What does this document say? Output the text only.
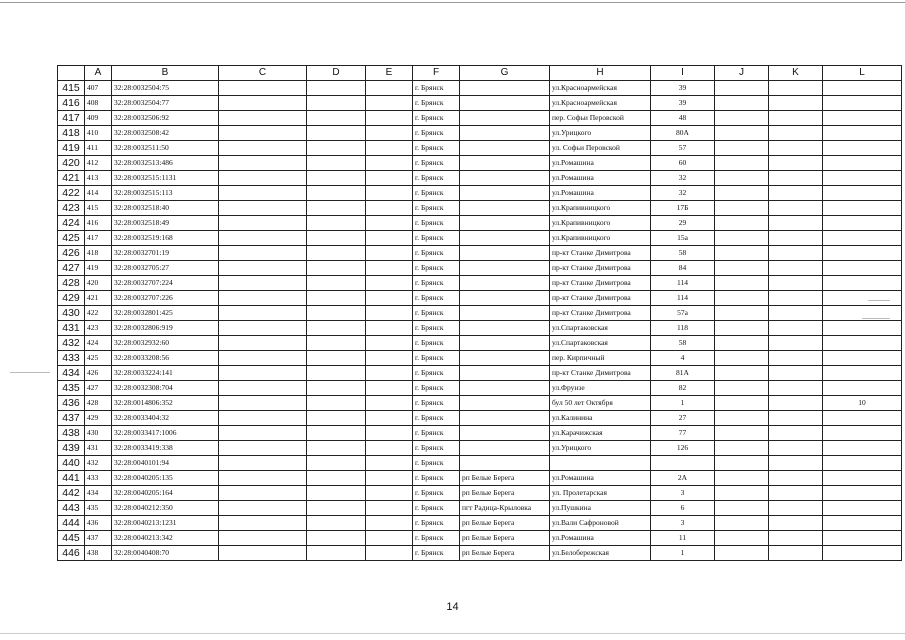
	A	B	C	D	E	F	G	H	I	J	K	L
415	407	32:28:0032504:75				г. Брянск		ул.Красноармейская	39			
416	408	32:28:0032504:77				г. Брянск		ул.Красноармейская	39			
417	409	32:28:0032506:92				г. Брянск		пер. Софьи Перовской	48			
418	410	32:28:0032508:42				г. Брянск		ул.Урицкого	80А			
419	411	32:28:0032511:50				г. Брянск		ул. Софьи Перовской	57			
420	412	32:28:0032513:486				г. Брянск		ул.Ромашина	60			
421	413	32:28:0032515:1131				г. Брянск		ул.Ромашина	32			
422	414	32:28:0032515:113				г. Брянск		ул.Ромашина	32			
423	415	32:28:0032518:40				г. Брянск		ул.Крапивницкого	17Б			
424	416	32:28:0032518:49				г. Брянск		ул.Крапивницкого	29			
425	417	32:28:0032519:168				г. Брянск		ул.Крапивницкого	15а			
426	418	32:28:0032701:19				г. Брянск		пр-кт Станке Димитрова	58			
427	419	32:28:0032705:27				г. Брянск		пр-кт Станке Димитрова	84			
428	420	32:28:0032707:224				г. Брянск		пр-кт Станке Димитрова	114			
429	421	32:28:0032707:226				г. Брянск		пр-кт Станке Димитрова	114			
430	422	32:28:0032801:425				г. Брянск		пр-кт Станке Димитрова	57а			
431	423	32:28:0032806:919				г. Брянск		ул.Спартаковская	118			
432	424	32:28:0032932:60				г. Брянск		ул.Спартаковская	58			
433	425	32:28:0033208:56				г. Брянск		пер. Кирпичный	4			
434	426	32:28:0033224:141				г. Брянск		пр-кт Станке Димитрова	81А			
435	427	32:28:0032308:704				г. Брянск		ул.Фрунзе	82			
436	428	32:28:0014806:352				г. Брянск		бул 50 лет Октября	1			10
437	429	32:28:0033404:32				г. Брянск		ул.Калинина	27			
438	430	32:28:0033417:1006				г. Брянск		ул.Карачижская	77			
439	431	32:28:0033419:338				г. Брянск		ул.Урицкого	126			
440	432	32:28:0040101:94				г. Брянск						
441	433	32:28:0040205:135				г. Брянск	рп Белые Берега	ул.Ромашина	2А			
442	434	32:28:0040205:164				г. Брянск	рп Белые Берега	ул. Пролетарская	3			
443	435	32:28:0040212:350				г. Брянск	пгт Радица-Крыловка	ул.Пушкина	6			
444	436	32:28:0040213:1231				г. Брянск	рп Белые Берега	ул.Вали Сафроновой	3			
445	437	32:28:0040213:342				г. Брянск	рп Белые Берега	ул.Ромашина	11			
446	438	32:28:0040408:70				г. Брянск	рп Белые Берега	ул.Белобережская	1			
14
